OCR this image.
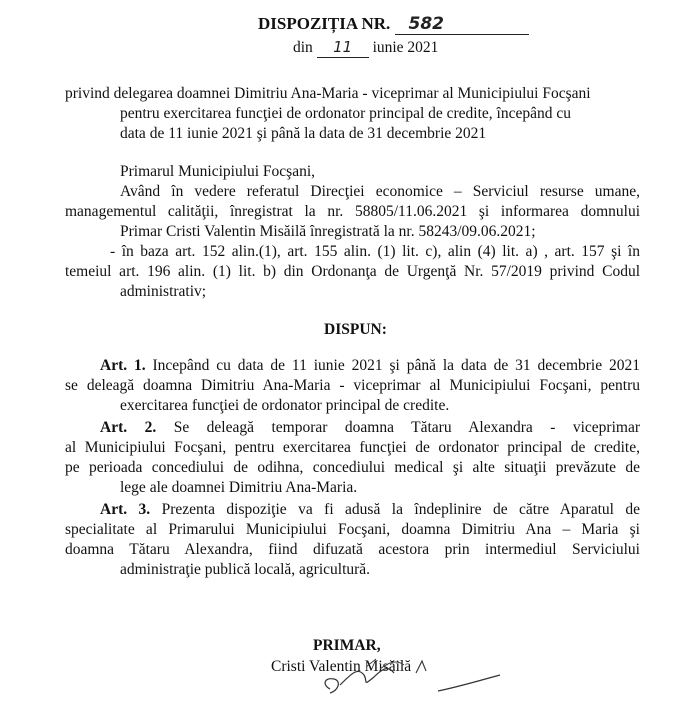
DISPOZIȚIA NR. 582
din 11 iunie 2021
privind delegarea doamnei Dimitriu Ana-Maria - viceprimar al Municipiului Focşani
pentru exercitarea funcţiei de ordonator principal de credite, începând cu
data de 11 iunie 2021 şi până la data de 31 decembrie 2021
Primarul Municipiului Focşani,
Având în vedere referatul Direcţiei economice – Serviciul resurse umane,
managementul calităţii, înregistrat la nr. 58805/11.06.2021 şi informarea domnului
Primar Cristi Valentin Misăilă înregistrată la nr. 58243/09.06.2021;
- în baza art. 152 alin.(1), art. 155 alin. (1) lit. c), alin (4) lit. a) , art. 157 şi în
temeiul art. 196 alin. (1) lit. b) din Ordonanţa de Urgenţă Nr. 57/2019 privind Codul
administrativ;
DISPUN:
Art. 1. Incepând cu data de 11 iunie 2021 şi până la data de 31 decembrie 2021
se deleagă doamna Dimitriu Ana-Maria - viceprimar al Municipiului Focşani, pentru
exercitarea funcţiei de ordonator principal de credite.
Art. 2. Se deleagă temporar doamna Tătaru Alexandra - viceprimar
al Municipiului Focşani, pentru exercitarea funcţiei de ordonator principal de credite,
pe perioada concediului de odihna, concediului medical şi alte situaţii prevăzute de
lege ale doamnei Dimitriu Ana-Maria.
Art. 3. Prezenta dispoziţie va fi adusă la îndeplinire de către Aparatul de
specialitate al Primarului Municipiului Focşani, doamna Dimitriu Ana – Maria şi
doamna Tătaru Alexandra, fiind difuzată acestora prin intermediul Serviciului
administraţie publică locală, agricultură.
PRIMAR,
Cristi Valentin Misăilă
